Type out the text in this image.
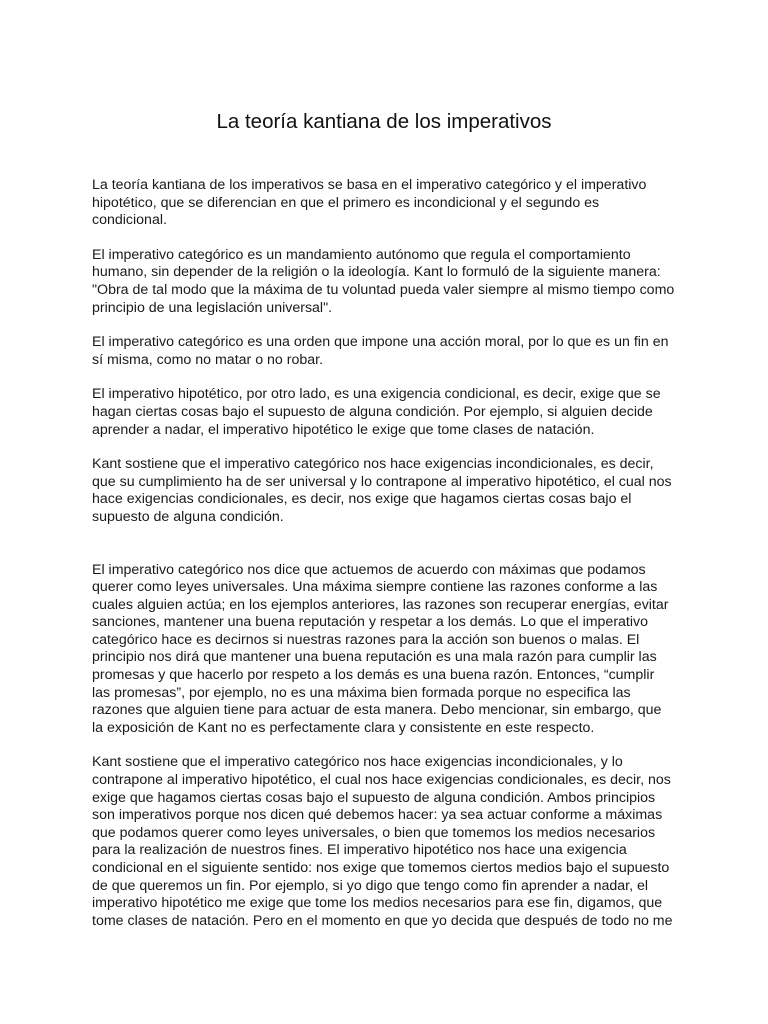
La teoría kantiana de los imperativos

La teoría kantiana de los imperativos se basa en el imperativo categórico y el imperativo
hipotético, que se diferencian en que el primero es incondicional y el segundo es
condicional.

El imperativo categórico es un mandamiento autónomo que regula el comportamiento
humano, sin depender de la religión o la ideología. Kant lo formuló de la siguiente manera:
"Obra de tal modo que la máxima de tu voluntad pueda valer siempre al mismo tiempo como
principio de una legislación universal".

El imperativo categórico es una orden que impone una acción moral, por lo que es un fin en
sí misma, como no matar o no robar.

El imperativo hipotético, por otro lado, es una exigencia condicional, es decir, exige que se
hagan ciertas cosas bajo el supuesto de alguna condición. Por ejemplo, si alguien decide
aprender a nadar, el imperativo hipotético le exige que tome clases de natación.

Kant sostiene que el imperativo categórico nos hace exigencias incondicionales, es decir,
que su cumplimiento ha de ser universal y lo contrapone al imperativo hipotético, el cual nos
hace exigencias condicionales, es decir, nos exige que hagamos ciertas cosas bajo el
supuesto de alguna condición.

El imperativo categórico nos dice que actuemos de acuerdo con máximas que podamos
querer como leyes universales. Una máxima siempre contiene las razones conforme a las
cuales alguien actúa; en los ejemplos anteriores, las razones son recuperar energías, evitar
sanciones, mantener una buena reputación y respetar a los demás. Lo que el imperativo
categórico hace es decirnos si nuestras razones para la acción son buenos o malas. El
principio nos dirá que mantener una buena reputación es una mala razón para cumplir las
promesas y que hacerlo por respeto a los demás es una buena razón. Entonces, “cumplir
las promesas”, por ejemplo, no es una máxima bien formada porque no especifica las
razones que alguien tiene para actuar de esta manera. Debo mencionar, sin embargo, que
la exposición de Kant no es perfectamente clara y consistente en este respecto.

Kant sostiene que el imperativo categórico nos hace exigencias incondicionales, y lo
contrapone al imperativo hipotético, el cual nos hace exigencias condicionales, es decir, nos
exige que hagamos ciertas cosas bajo el supuesto de alguna condición. Ambos principios
son imperativos porque nos dicen qué debemos hacer: ya sea actuar conforme a máximas
que podamos querer como leyes universales, o bien que tomemos los medios necesarios
para la realización de nuestros fines. El imperativo hipotético nos hace una exigencia
condicional en el siguiente sentido: nos exige que tomemos ciertos medios bajo el supuesto
de que queremos un fin. Por ejemplo, si yo digo que tengo como fin aprender a nadar, el
imperativo hipotético me exige que tome los medios necesarios para ese fin, digamos, que
tome clases de natación. Pero en el momento en que yo decida que después de todo no me
